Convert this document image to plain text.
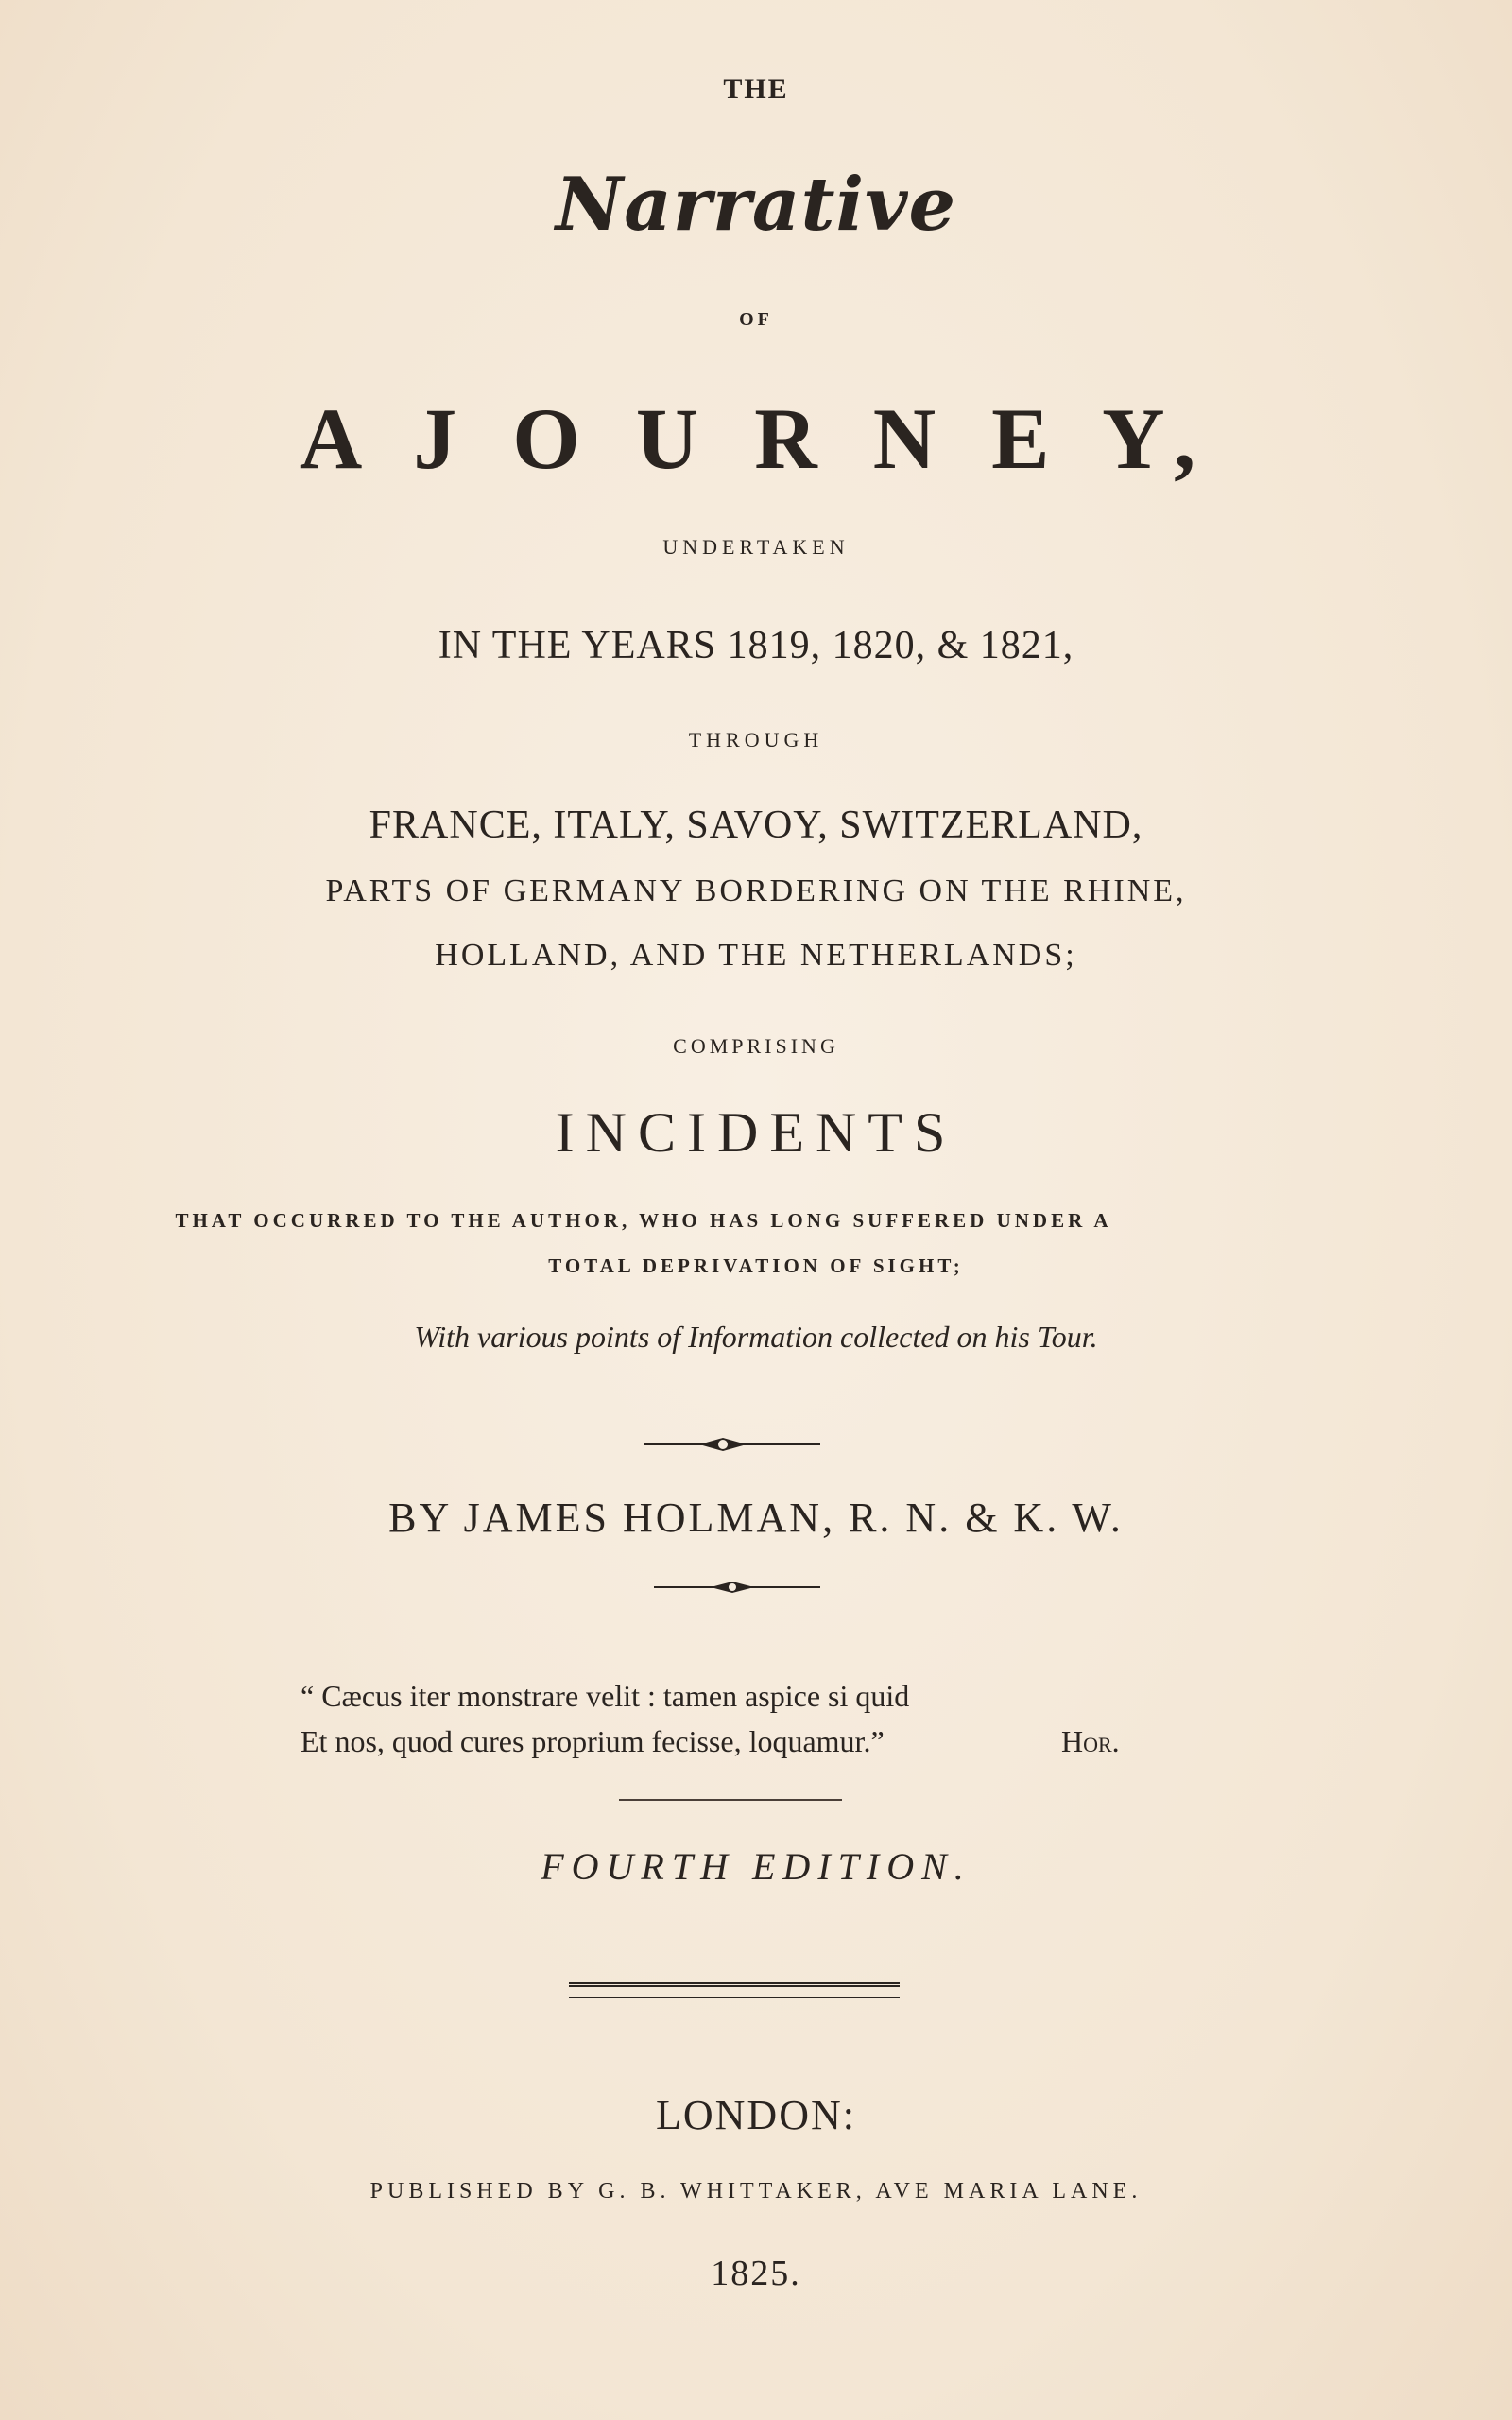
THE
Narrative
OF
A J O U R N E Y,
UNDERTAKEN
IN THE YEARS 1819, 1820, & 1821,
THROUGH
FRANCE, ITALY, SAVOY, SWITZERLAND,
PARTS OF GERMANY BORDERING ON THE RHINE,
HOLLAND, AND THE NETHERLANDS;
COMPRISING
INCIDENTS
THAT OCCURRED TO THE AUTHOR, WHO HAS LONG SUFFERED UNDER A
TOTAL DEPRIVATION OF SIGHT;
With various points of Information collected on his Tour.
BY JAMES HOLMAN, R. N. & K. W.
“ Cæcus iter monstrare velit : tamen aspice si quid
Et nos, quod cures proprium fecisse, loquamur.”	Hor.
FOURTH EDITION.
LONDON:
PUBLISHED BY G. B. WHITTAKER, AVE MARIA LANE.
1825.
